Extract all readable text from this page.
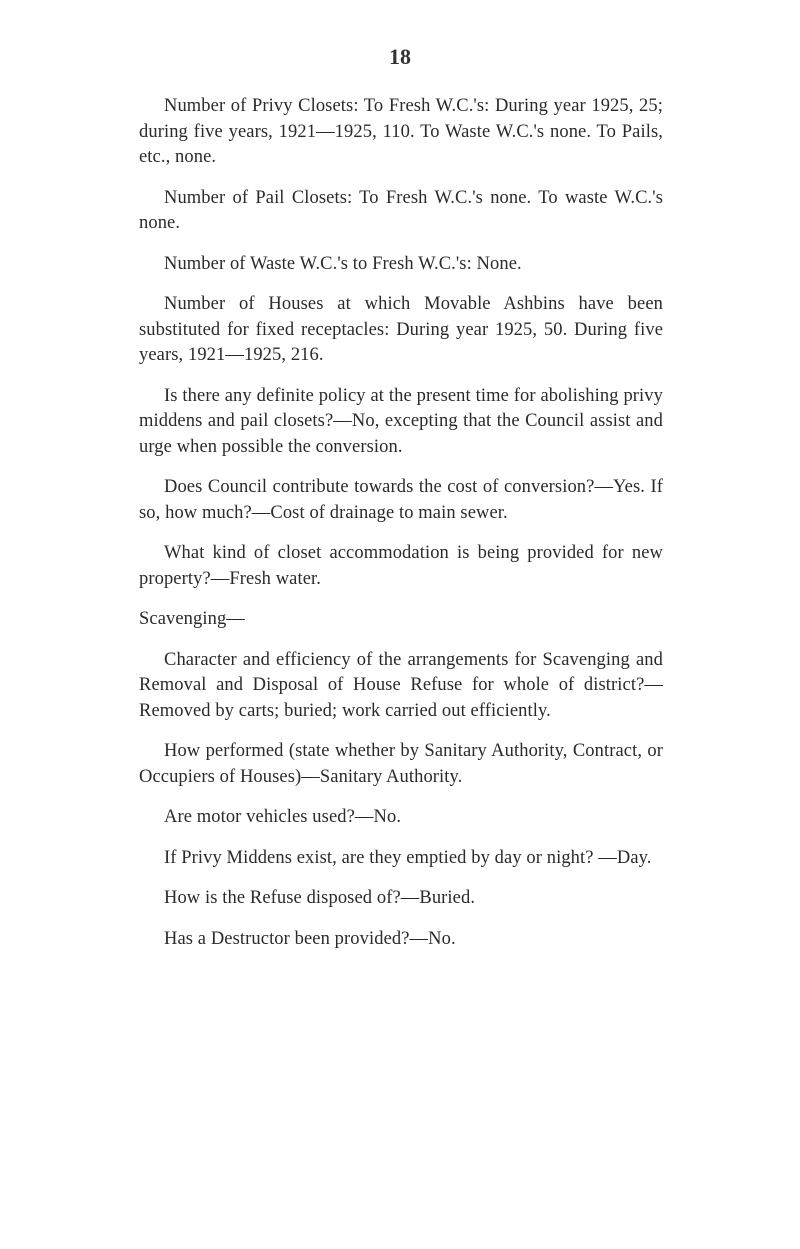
18

Number of Privy Closets: To Fresh W.C.'s: During year 1925, 25; during five years, 1921—1925, 110. To Waste W.C.'s none. To Pails, etc., none.

Number of Pail Closets: To Fresh W.C.'s none. To waste W.C.'s none.

Number of Waste W.C.'s to Fresh W.C.'s: None.

Number of Houses at which Movable Ashbins have been substituted for fixed receptacles: During year 1925, 50. During five years, 1921—1925, 216.

Is there any definite policy at the present time for abolishing privy middens and pail closets?—No, excepting that the Council assist and urge when possible the conversion.

Does Council contribute towards the cost of conversion?—Yes. If so, how much?—Cost of drainage to main sewer.

What kind of closet accommodation is being provided for new property?—Fresh water.

Scavenging—

Character and efficiency of the arrangements for Scavenging and Removal and Disposal of House Refuse for whole of district?—Removed by carts; buried; work carried out efficiently.

How performed (state whether by Sanitary Authority, Contract, or Occupiers of Houses)—Sanitary Authority.

Are motor vehicles used?—No.

If Privy Middens exist, are they emptied by day or night? —Day.

How is the Refuse disposed of?—Buried.

Has a Destructor been provided?—No.
